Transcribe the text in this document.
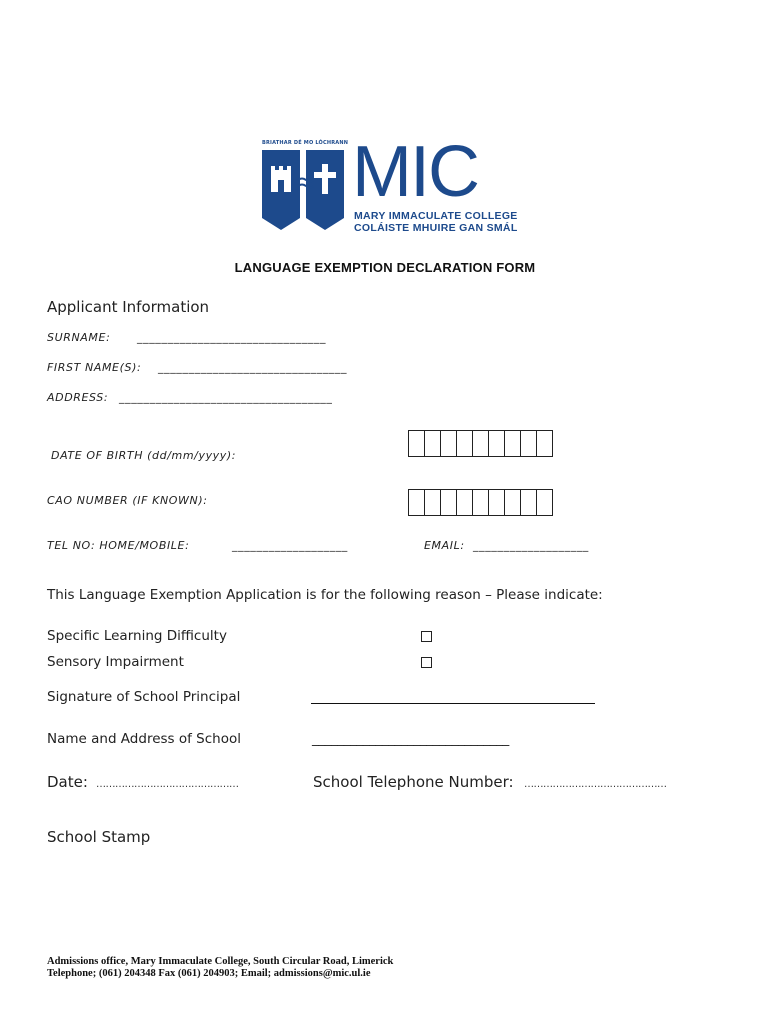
BRIATHAR DÉ MO LÓCHRANN MIC
MARY IMMACULATE COLLEGE
COLÁISTE MHUIRE GAN SMÁL
LANGUAGE EXEMPTION DECLARATION FORM
Applicant Information
SURNAME: _______________________________
FIRST NAME(S): _______________________________
ADDRESS: ___________________________________
DATE OF BIRTH (dd/mm/yyyy):
CAO NUMBER (IF KNOWN):
TEL NO: HOME/MOBILE:	___________________	EMAIL: ___________________
This Language Exemption Application is for the following reason – Please indicate:
Specific Learning Difficulty
Sensory Impairment
Signature of School Principal
Name and Address of School	_______________________________
Date: ………………………………………	School Telephone Number: ………………………………………
School Stamp
Admissions office, Mary Immaculate College, South Circular Road, Limerick
Telephone; (061) 204348 Fax (061) 204903; Email; admissions@mic.ul.ie
